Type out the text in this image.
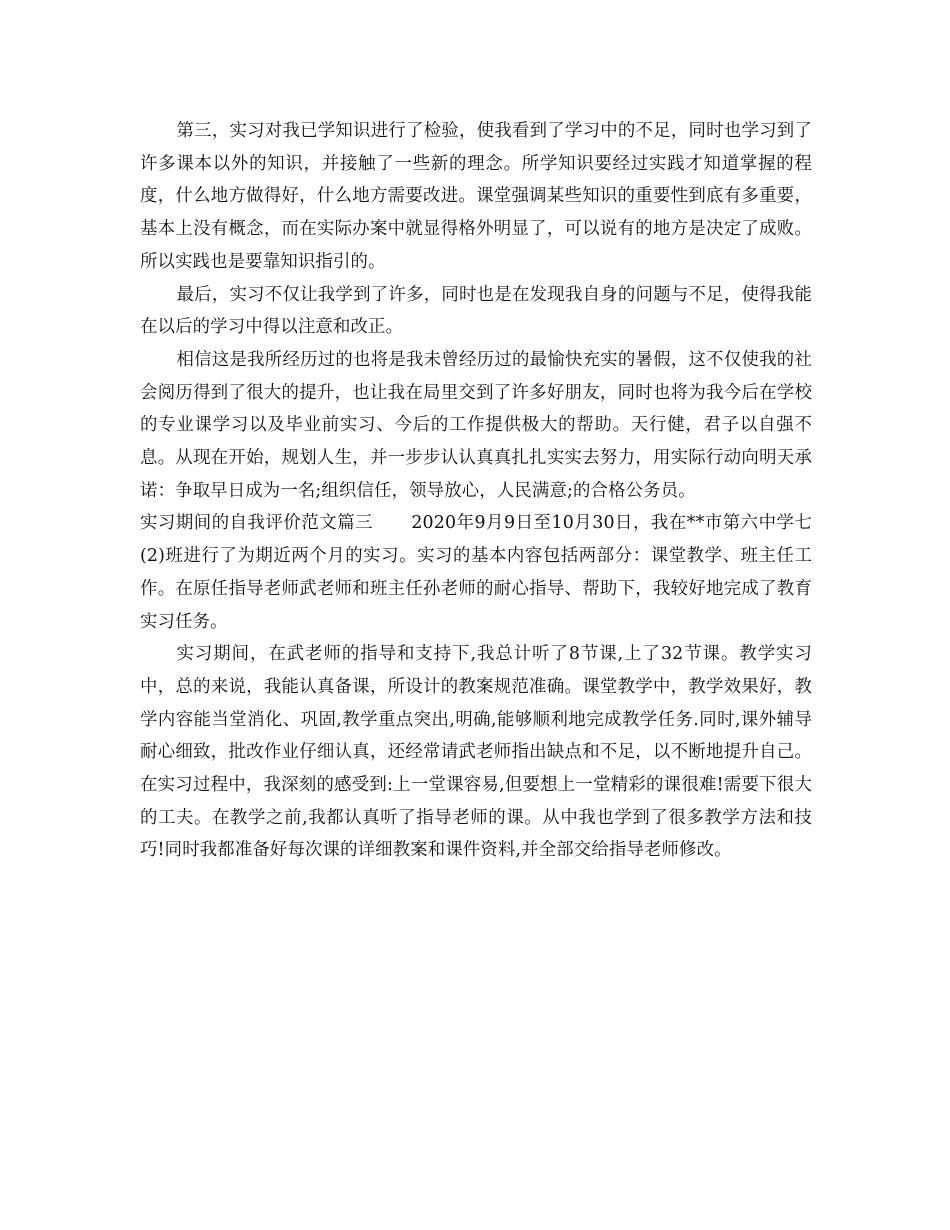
第三，实习对我已学知识进行了检验，使我看到了学习中的不足，同时也学习到了许多课本以外的知识，并接触了一些新的理念。所学知识要经过实践才知道掌握的程度，什么地方做得好，什么地方需要改进。课堂强调某些知识的重要性到底有多重要，基本上没有概念，而在实际办案中就显得格外明显了，可以说有的地方是决定了成败。所以实践也是要靠知识指引的。

最后，实习不仅让我学到了许多，同时也是在发现我自身的问题与不足，使得我能在以后的学习中得以注意和改正。

相信这是我所经历过的也将是我未曾经历过的最愉快充实的暑假，这不仅使我的社会阅历得到了很大的提升，也让我在局里交到了许多好朋友，同时也将为我今后在学校的专业课学习以及毕业前实习、今后的工作提供极大的帮助。天行健，君子以自强不息。从现在开始，规划人生，并一步步认认真真扎扎实实去努力，用实际行动向明天承诺：争取早日成为一名;组织信任，领导放心，人民满意;的合格公务员。

实习期间的自我评价范文篇三 2020年9月9日至10月30日，我在**市第六中学七(2)班进行了为期近两个月的实习。实习的基本内容包括两部分：课堂教学、班主任工作。在原任指导老师武老师和班主任孙老师的耐心指导、帮助下，我较好地完成了教育实习任务。

实习期间，在武老师的指导和支持下,我总计听了8节课,上了32节课。教学实习中，总的来说，我能认真备课，所设计的教案规范准确。课堂教学中，教学效果好，教学内容能当堂消化、巩固,教学重点突出,明确,能够顺利地完成教学任务.同时,课外辅导耐心细致，批改作业仔细认真，还经常请武老师指出缺点和不足，以不断地提升自己。在实习过程中，我深刻的感受到:上一堂课容易,但要想上一堂精彩的课很难!需要下很大的工夫。在教学之前,我都认真听了指导老师的课。从中我也学到了很多教学方法和技巧!同时我都准备好每次课的详细教案和课件资料,并全部交给指导老师修改。
